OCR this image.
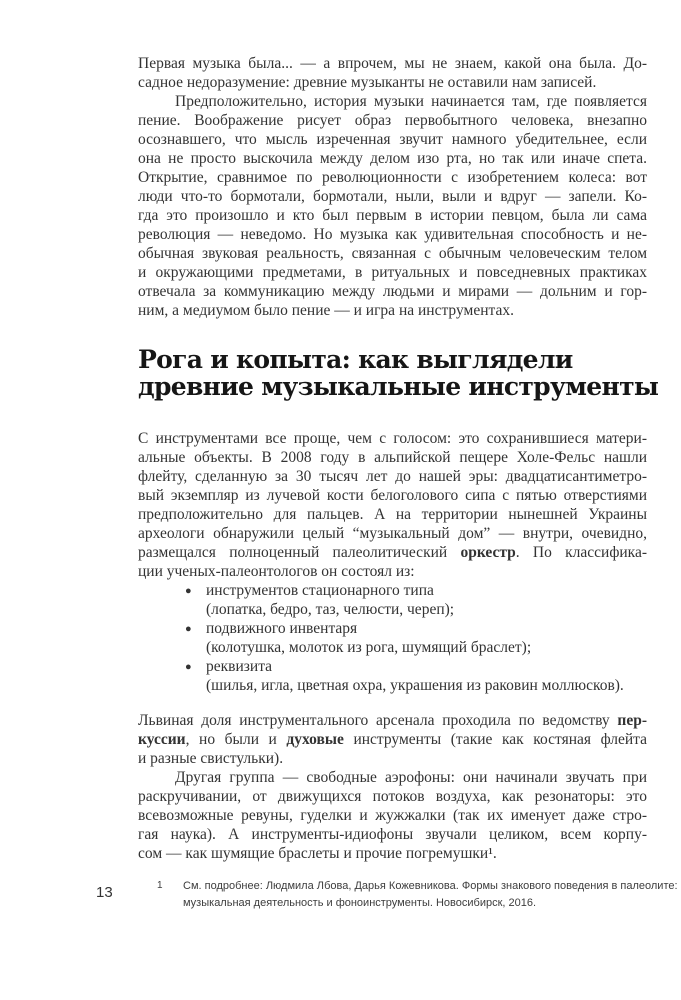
Первая музыка была... — а впрочем, мы не знаем, какой она была. До-
садное недоразумение: древние музыканты не оставили нам записей.
Предположительно, история музыки начинается там, где появляется
пение. Воображение рисует образ первобытного человека, внезапно
осознавшего, что мысль изреченная звучит намного убедительнее, если
она не просто выскочила между делом изо рта, но так или иначе спета.
Открытие, сравнимое по революционности с изобретением колеса: вот
люди что-то бормотали, бормотали, ныли, выли и вдруг — запели. Ко-
гда это произошло и кто был первым в истории певцом, была ли сама
революция — неведомо. Но музыка как удивительная способность и не-
обычная звуковая реальность, связанная с обычным человеческим телом
и окружающими предметами, в ритуальных и повседневных практиках
отвечала за коммуникацию между людьми и мирами — дольним и гор-
ним, а медиумом было пение — и игра на инструментах.
Рога и копыта: как выглядели
древние музыкальные инструменты
С инструментами все проще, чем с голосом: это сохранившиеся матери-
альные объекты. В 2008 году в альпийской пещере Холе-Фельс нашли
флейту, сделанную за 30 тысяч лет до нашей эры: двадцатисантиметро-
вый экземпляр из лучевой кости белоголового сипа с пятью отверстиями
предположительно для пальцев. А на территории нынешней Украины
археологи обнаружили целый “музыкальный дом” — внутри, очевидно,
размещался полноценный палеолитический оркестр. По классифика-
ции ученых-палеонтологов он состоял из:
● инструментов стационарного типа
(лопатка, бедро, таз, челюсти, череп);
● подвижного инвентаря
(колотушка, молоток из рога, шумящий браслет);
● реквизита
(шилья, игла, цветная охра, украшения из раковин моллюсков).
Львиная доля инструментального арсенала проходила по ведомству пер-
куссии, но были и духовые инструменты (такие как костяная флейта
и разные свистульки).
Другая группа — свободные аэрофоны: они начинали звучать при
раскручивании, от движущихся потоков воздуха, как резонаторы: это
всевозможные ревуны, гуделки и жужжалки (так их именует даже стро-
гая наука). А инструменты-идиофоны звучали целиком, всем корпу-
сом — как шумящие браслеты и прочие погремушки¹.
1	См. подробнее: Людмила Лбова, Дарья Кожевникова. Формы знакового поведения в палеолите:
музыкальная деятельность и фоноинструменты. Новосибирск, 2016.
13
